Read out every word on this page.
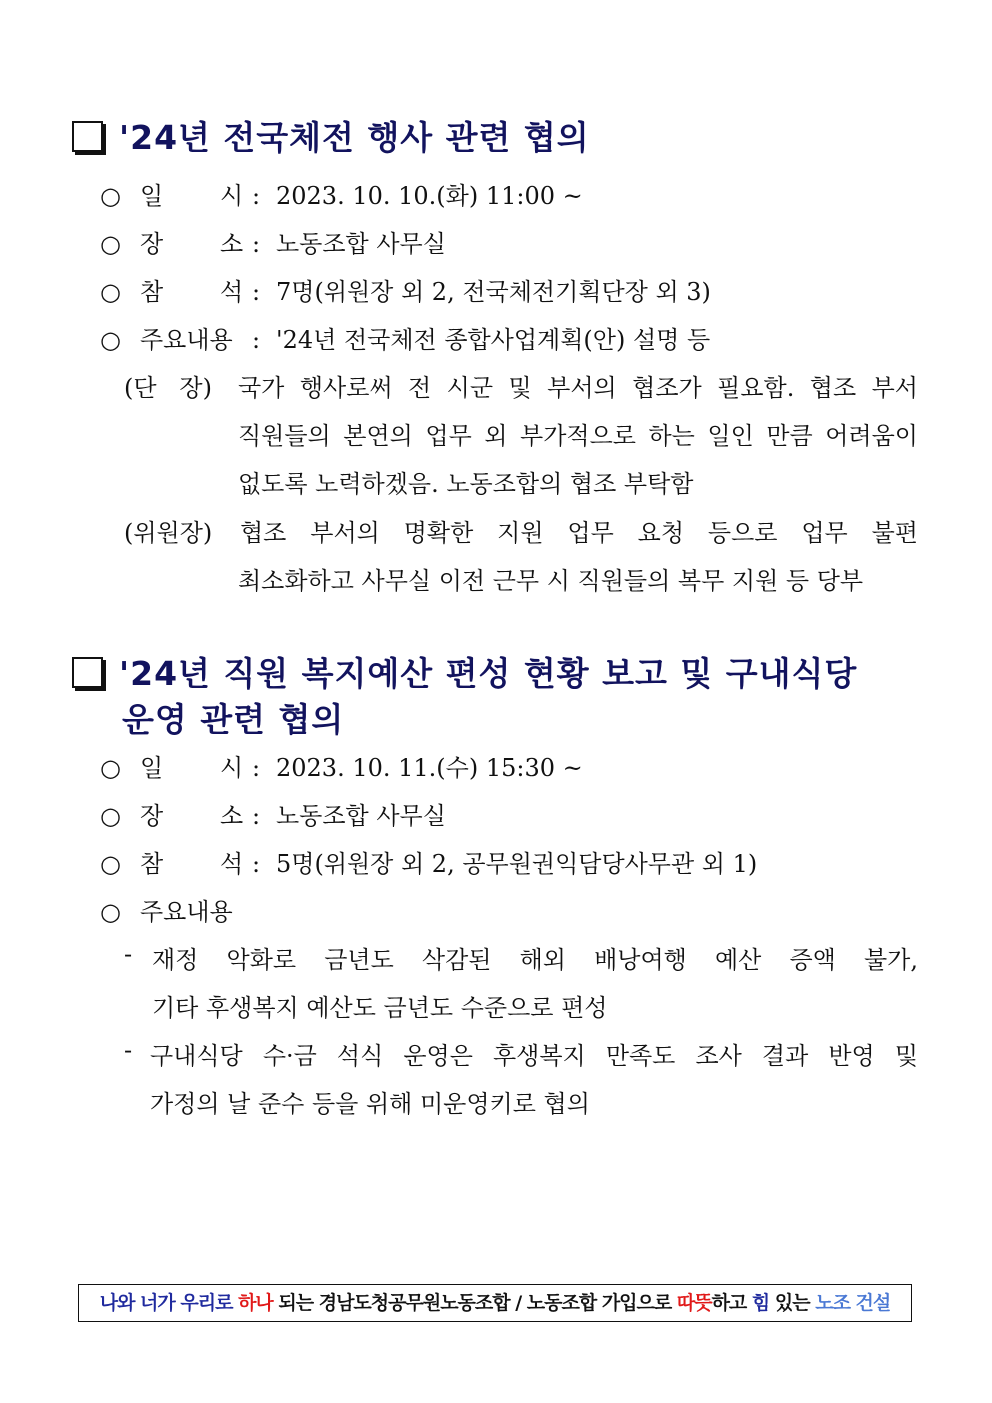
'24년 전국체전 행사 관련 협의
○ 일 시 : 2023. 10. 10.(화) 11:00 ~
○ 장 소 : 노동조합 사무실
○ 참 석 : 7명(위원장 외 2, 전국체전기획단장 외 3)
○ 주요내용 : '24년 전국체전 종합사업계획(안) 설명 등
(단   장) 국가 행사로써 전 시군 및 부서의 협조가 필요함. 협조 부서
직원들의 본연의 업무 외 부가적으로 하는 일인 만큼 어려움이
없도록 노력하겠음. 노동조합의 협조 부탁함
(위원장) 협조 부서의 명확한 지원 업무 요청 등으로 업무 불편
최소화하고 사무실 이전 근무 시 직원들의 복무 지원 등 당부
'24년 직원 복지예산 편성 현황 보고 및 구내식당
운영 관련 협의
○ 일 시 : 2023. 10. 11.(수) 15:30 ~
○ 장 소 : 노동조합 사무실
○ 참 석 : 5명(위원장 외 2, 공무원권익담당사무관 외 1)
○ 주요내용
- 재정 악화로 금년도 삭감된 해외 배낭여행 예산 증액 불가,
기타 후생복지 예산도 금년도 수준으로 편성
- 구내식당 수·금 석식 운영은 후생복지 만족도 조사 결과 반영 및
가정의 날 준수 등을 위해 미운영키로 협의
나와 너가 우리로 하나 되는 경남도청공무원노동조합 / 노동조합 가입으로 따뜻하고 힘 있는 노조 건설
